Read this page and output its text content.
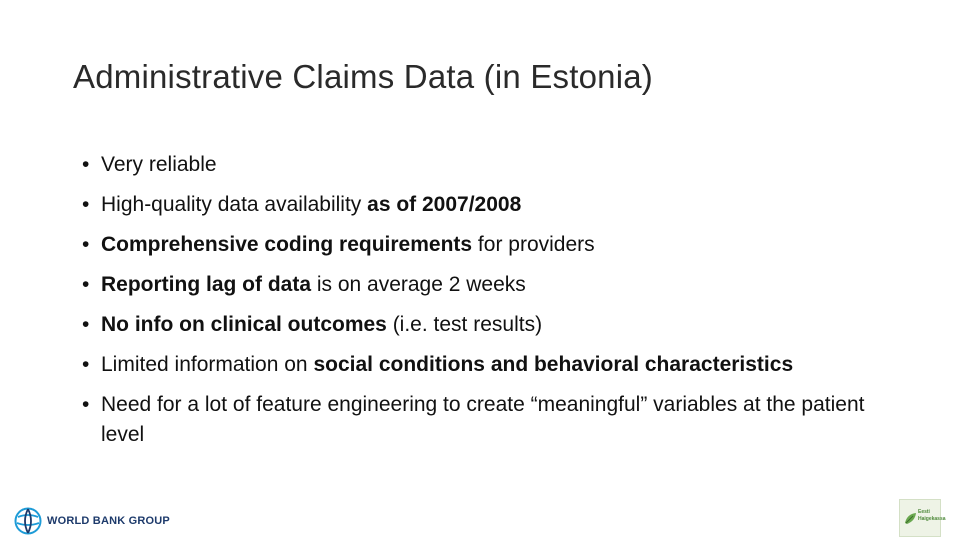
Administrative Claims Data (in Estonia)
• Very reliable
• High-quality data availability as of 2007/2008
• Comprehensive coding requirements for providers
• Reporting lag of data is on average 2 weeks
• No info on clinical outcomes (i.e. test results)
• Limited information on social conditions and behavioral characteristics
• Need for a lot of feature engineering to create “meaningful” variables at the patient level
WORLD BANK GROUP
Eesti
Haigekassa
